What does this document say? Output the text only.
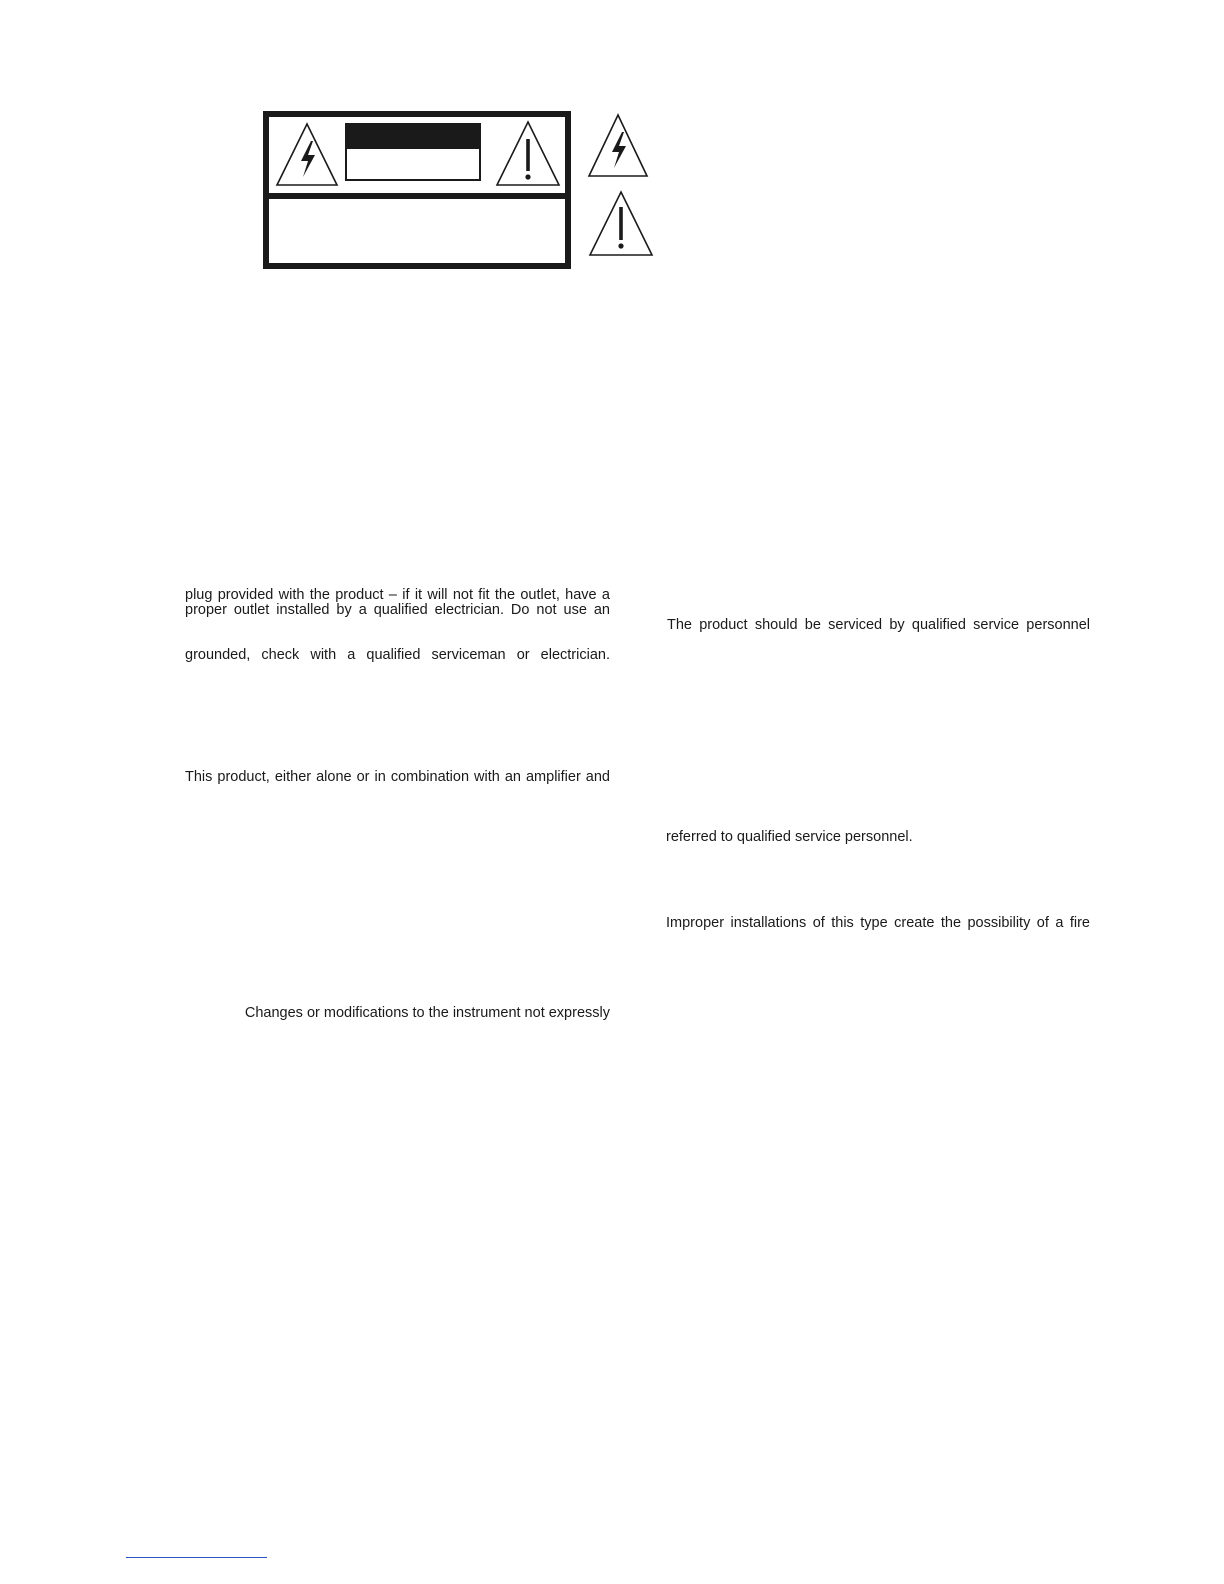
plug provided with the product – if it will not fit the outlet, have a
proper outlet installed by a qualified electrician. Do not use an
grounded, check with a qualified serviceman or electrician.
This product, either alone or in combination with an amplifier and
Changes or modifications to the instrument not expressly
The product should be serviced by qualified service personnel
referred to qualified service personnel.
Improper installations of this type create the possibility of a fire
